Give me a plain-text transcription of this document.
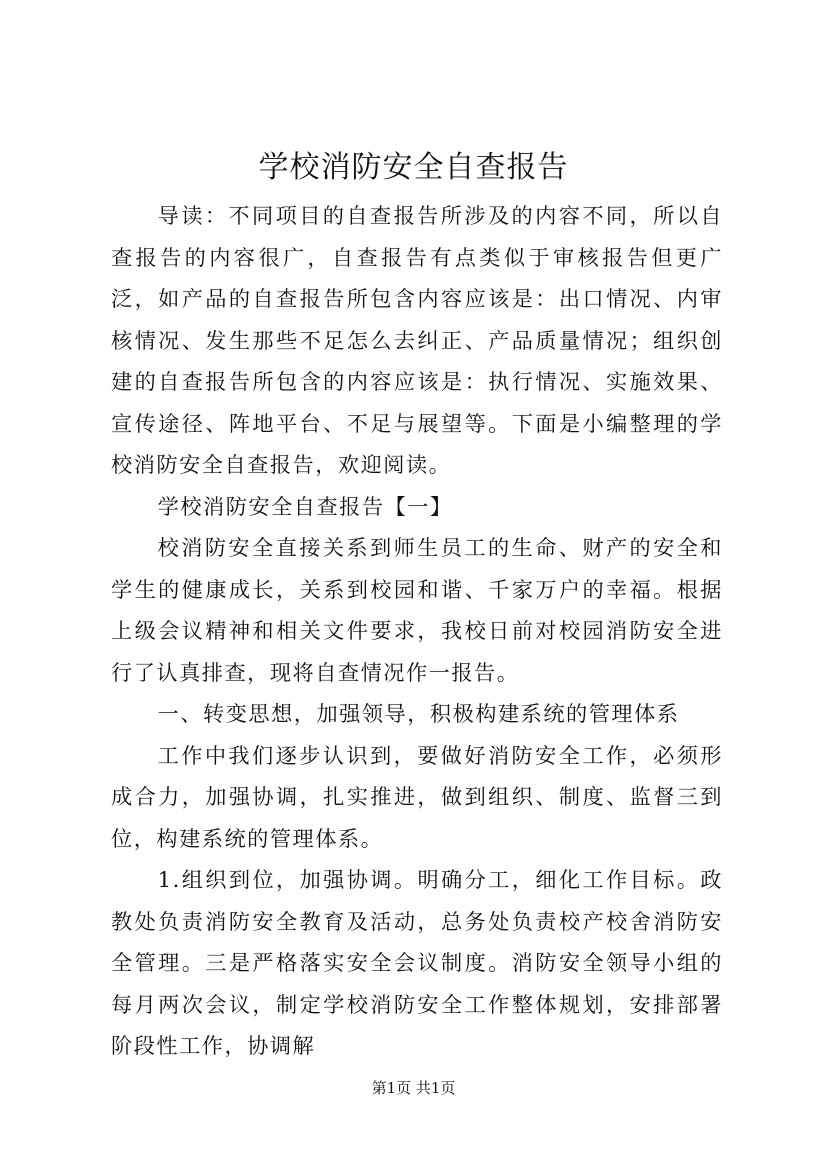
学校消防安全自查报告

导读：不同项目的自查报告所涉及的内容不同，所以自查报告的内容很广，自查报告有点类似于审核报告但更广泛，如产品的自查报告所包含内容应该是：出口情况、内审核情况、发生那些不足怎么去纠正、产品质量情况；组织创建的自查报告所包含的内容应该是：执行情况、实施效果、宣传途径、阵地平台、不足与展望等。下面是小编整理的学校消防安全自查报告，欢迎阅读。

学校消防安全自查报告【一】

校消防安全直接关系到师生员工的生命、财产的安全和学生的健康成长，关系到校园和谐、千家万户的幸福。根据上级会议精神和相关文件要求，我校日前对校园消防安全进行了认真排查，现将自查情况作一报告。

一、转变思想，加强领导，积极构建系统的管理体系

工作中我们逐步认识到，要做好消防安全工作，必须形成合力，加强协调，扎实推进，做到组织、制度、监督三到位，构建系统的管理体系。

1.组织到位，加强协调。明确分工，细化工作目标。政教处负责消防安全教育及活动，总务处负责校产校舍消防安全管理。三是严格落实安全会议制度。消防安全领导小组的每月两次会议，制定学校消防安全工作整体规划，安排部署阶段性工作，协调解

第1页 共1页
